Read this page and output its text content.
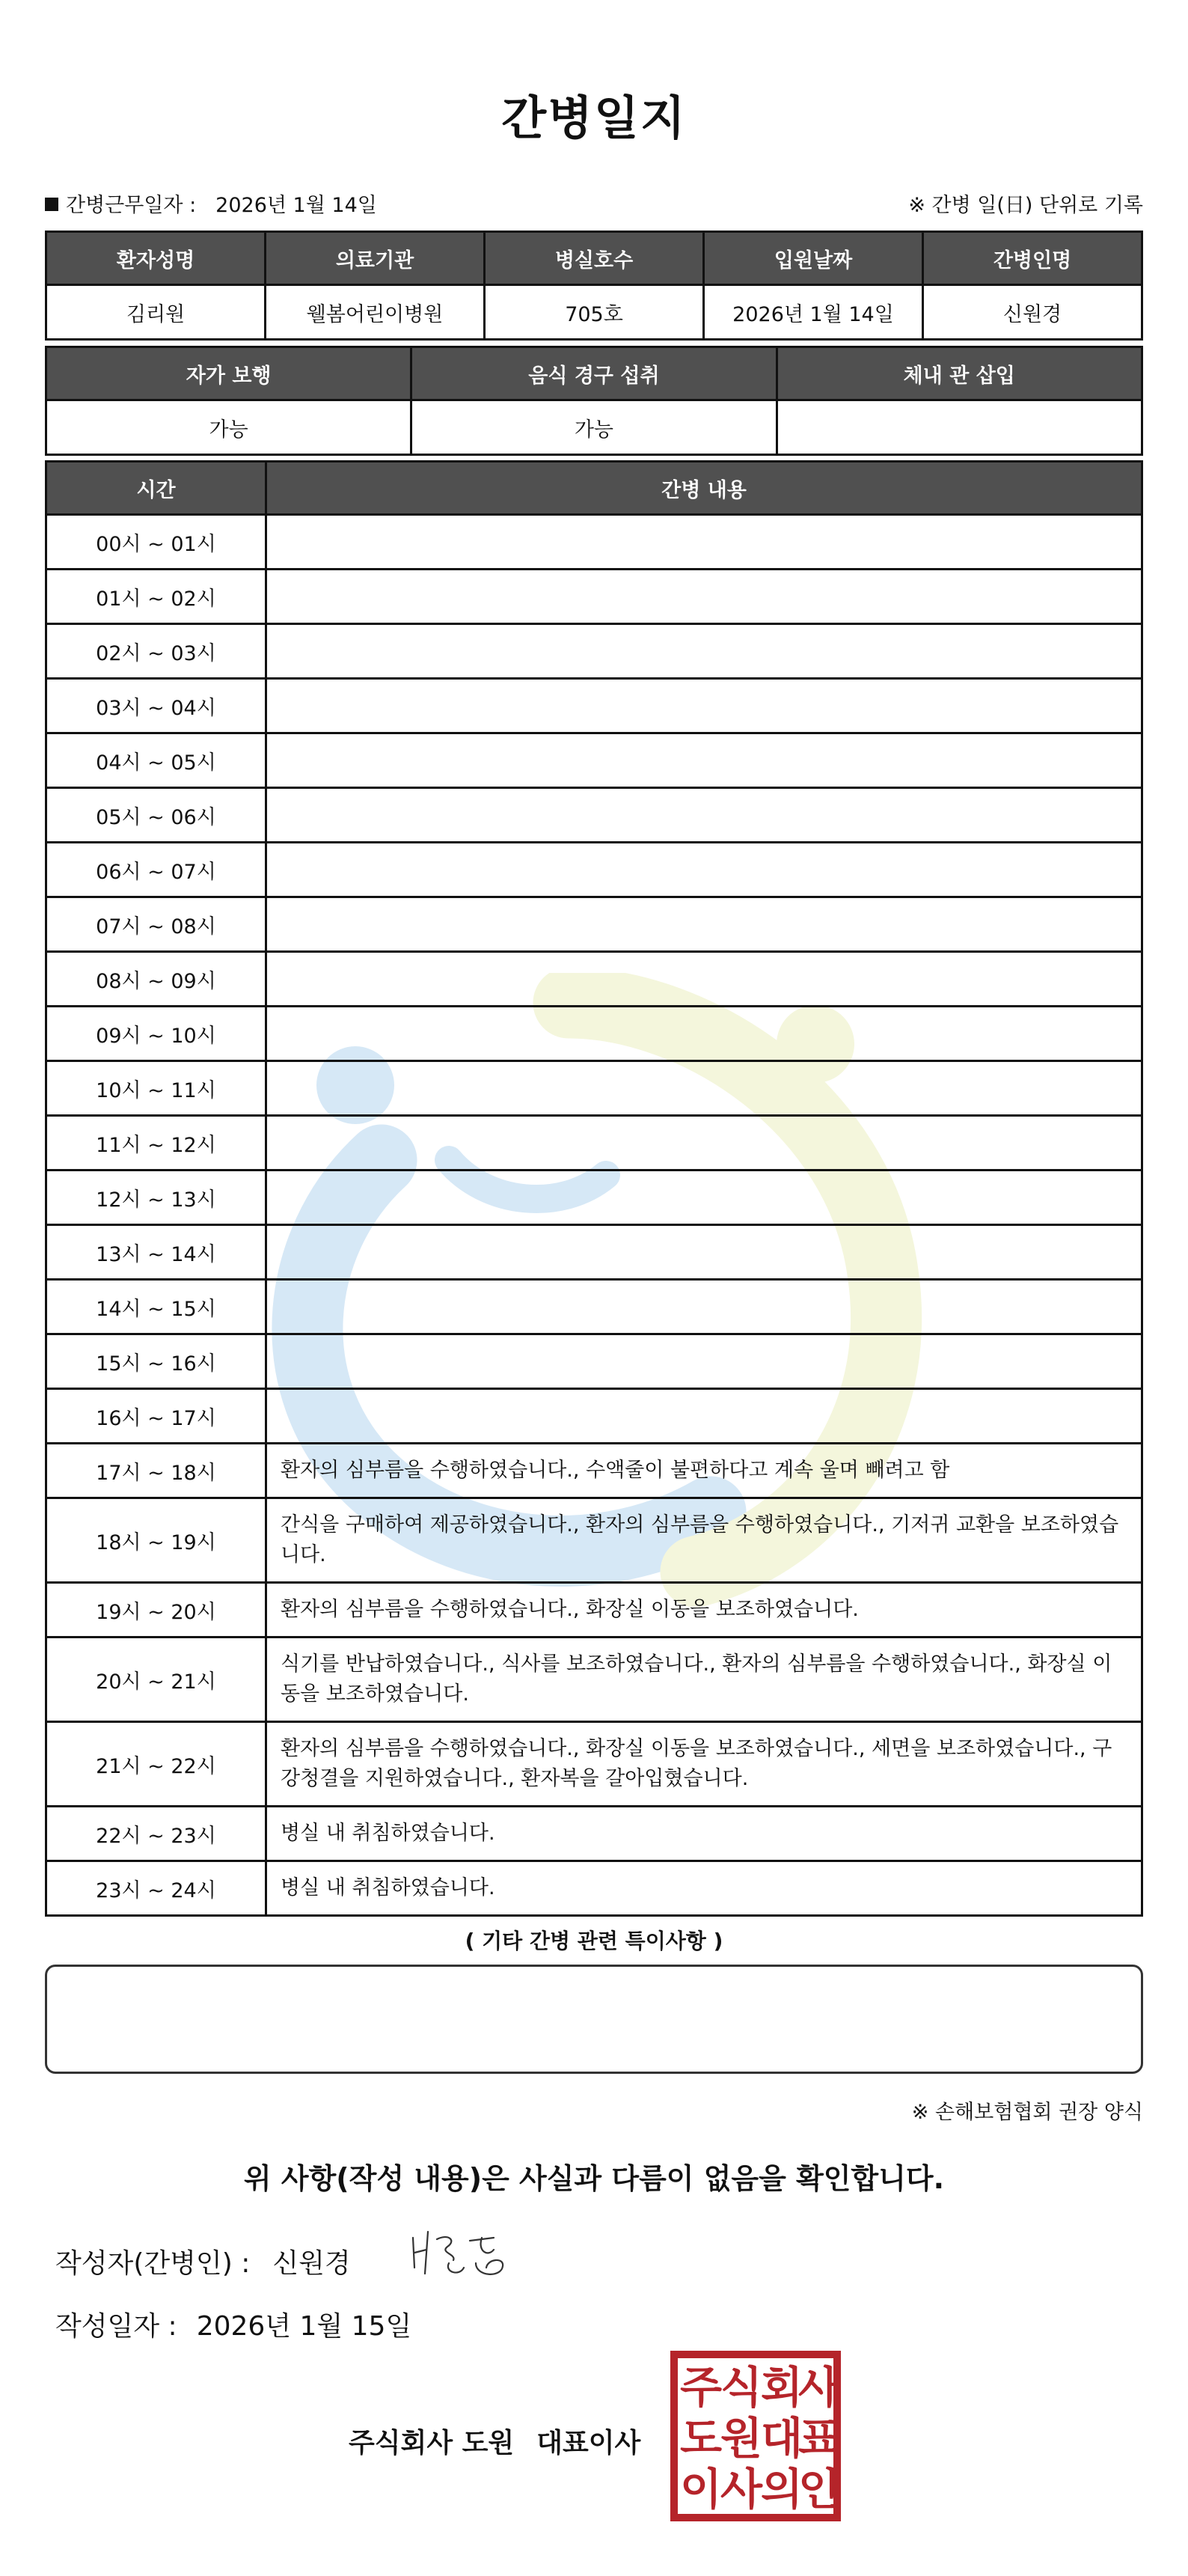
간병일지
간병근무일자 : 2026년 1월 14일	※ 간병 일(日) 단위로 기록
환자성명	의료기관	병실호수	입원날짜	간병인명
김리원	웰봄어린이병원	705호	2026년 1월 14일	신원경
자가 보행	음식 경구 섭취	체내 관 삽입
가능	가능	
시간	간병 내용
00시 ~ 01시	
01시 ~ 02시	
02시 ~ 03시	
03시 ~ 04시	
04시 ~ 05시	
05시 ~ 06시	
06시 ~ 07시	
07시 ~ 08시	
08시 ~ 09시	
09시 ~ 10시	
10시 ~ 11시	
11시 ~ 12시	
12시 ~ 13시	
13시 ~ 14시	
14시 ~ 15시	
15시 ~ 16시	
16시 ~ 17시	
17시 ~ 18시	환자의 심부름을 수행하였습니다., 수액줄이 불편하다고 계속 울며 빼려고 함
18시 ~ 19시	간식을 구매하여 제공하였습니다., 환자의 심부름을 수행하였습니다., 기저귀 교환을 보조하였습니다.
19시 ~ 20시	환자의 심부름을 수행하였습니다., 화장실 이동을 보조하였습니다.
20시 ~ 21시	식기를 반납하였습니다., 식사를 보조하였습니다., 환자의 심부름을 수행하였습니다., 화장실 이동을 보조하였습니다.
21시 ~ 22시	환자의 심부름을 수행하였습니다., 화장실 이동을 보조하였습니다., 세면을 보조하였습니다., 구강청결을 지원하였습니다., 환자복을 갈아입혔습니다.
22시 ~ 23시	병실 내 취침하였습니다.
23시 ~ 24시	병실 내 취침하였습니다.
( 기타 간병 관련 특이사항 )
※ 손해보험협회 권장 양식
위 사항(작성 내용)은 사실과 다름이 없음을 확인합니다.
작성자(간병인) : 신원경
작성일자 : 2026년 1월 15일
주식회사 도원 대표이사
주
식
회
사
도
원
대
표
이
사
의
인
